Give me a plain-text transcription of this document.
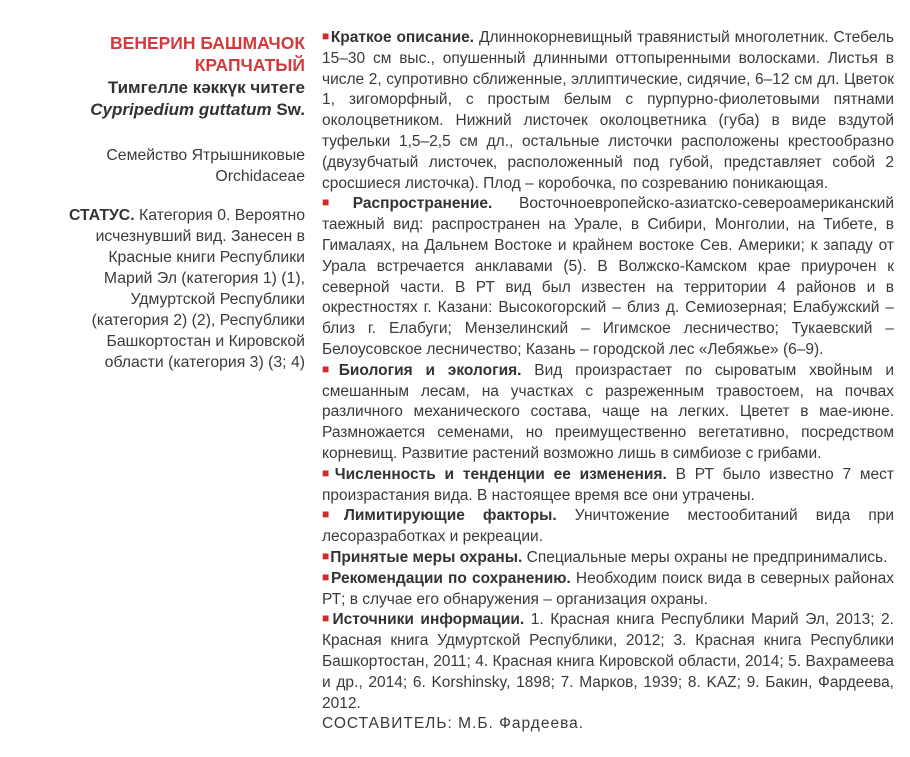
ВЕНЕРИН БАШМАЧОК КРАПЧАТЫЙ

Тимгелле кәккүк читеге

Cypripedium guttatum Sw.

Семейство Ятрышниковые
Orchidaceae

СТАТУС. Категория 0. Вероятно исчезнувший вид. Занесен в Красные книги Республики Марий Эл (категория 1) (1), Удмуртской Республики (категория 2) (2), Республики Башкортостан и Кировской области (категория 3) (3; 4)

■Краткое описание. Длиннокорневищный травянистый многолетник. Стебель 15–30 см выс., опушенный длинными оттопыренными волосками. Листья в числе 2, супротивно сближенные, эллиптические, сидячие, 6–12 см дл. Цветок 1, зигоморфный, с простым белым с пурпурно-фиолетовыми пятнами околоцветником. Нижний листочек околоцветника (губа) в виде вздутой туфельки 1,5–2,5 см дл., остальные листочки расположены крестообразно (двузубчатый листочек, расположенный под губой, представляет собой 2 сросшиеся листочка). Плод – коробочка, по созреванию поникающая.

■Распространение. Восточноевропейско-азиатско-североамериканский таежный вид: распространен на Урале, в Сибири, Монголии, на Тибете, в Гималаях, на Дальнем Востоке и крайнем востоке Сев. Америки; к западу от Урала встречается анклавами (5). В Волжско-Камском крае приурочен к северной части. В РТ вид был известен на территории 4 районов и в окрестностях г. Казани: Высокогорский – близ д. Семиозерная; Елабужский – близ г. Елабуги; Мензелинский – Игимское лесничество; Тукаевский – Белоусовское лесничество; Казань – городской лес «Лебяжье» (6–9).

■Биология и экология. Вид произрастает по сыроватым хвойным и смешанным лесам, на участках с разреженным травостоем, на почвах различного механического состава, чаще на легких. Цветет в мае-июне. Размножается семенами, но преимущественно вегетативно, посредством корневищ. Развитие растений возможно лишь в симбиозе с грибами.

■Численность и тенденции ее изменения. В РТ было известно 7 мест произрастания вида. В настоящее время все они утрачены.

■Лимитирующие факторы. Уничтожение местообитаний вида при лесоразработках и рекреации.

■Принятые меры охраны. Специальные меры охраны не предпринимались.

■Рекомендации по сохранению. Необходим поиск вида в северных районах РТ; в случае его обнаружения – организация охраны.

■Источники информации. 1. Красная книга Республики Марий Эл, 2013; 2. Красная книга Удмуртской Республики, 2012; 3. Красная книга Республики Башкортостан, 2011; 4. Красная книга Кировской области, 2014; 5. Вахрамеева и др., 2014; 6. Korshinsky, 1898; 7. Марков, 1939; 8. KAZ; 9. Бакин, Фардеева, 2012.

СОСТАВИТЕЛЬ: М.Б. Фардеева.
